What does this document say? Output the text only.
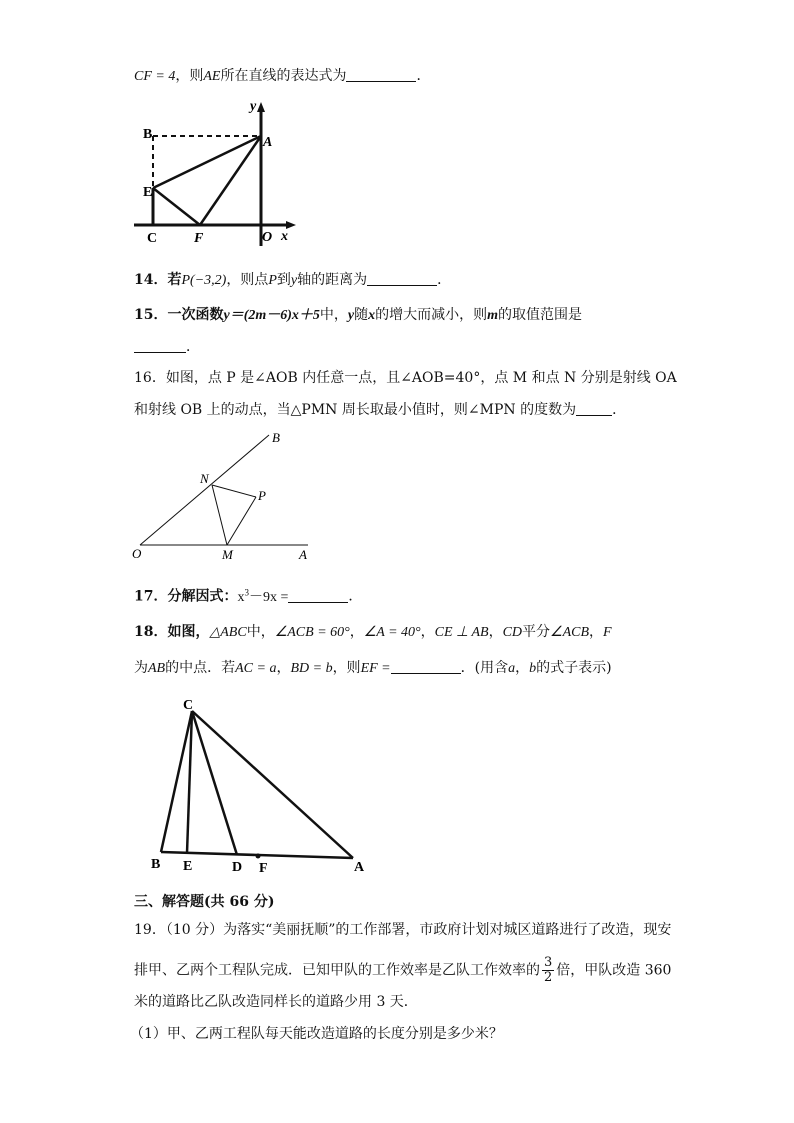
CF = 4，则AE所在直线的表达式为	．
B
A
y
E
C	F	O x
14．若P(−3,2)，则点P到y轴的距离为	．
15．一次函数y＝(2m－6)x＋5中，y随x的增大而减小，则m的取值范围是
．
16．如图，点 P 是∠AOB 内任意一点，且∠AOB=40°，点 M 和点 N 分别是射线 OA
和射线 OB 上的动点，当△PMN 周长取最小值时，则∠MPN 的度数为	．
B
N
P
O	M	A
17．分解因式：$x^3-9x$ =	．
18．如图，△ABC中，∠ACB = 60°，∠A = 40°，CE ⊥ AB，CD平分∠ACB，F
为AB的中点．若AC = a，BD = b，则EF =	．(用含a，b的式子表示)
C
B E	D F	A
三、解答题(共 66 分)
19．（10 分）为落实“美丽抚顺”的工作部署，市政府计划对城区道路进行了改造，现安
排甲、乙两个工程队完成．已知甲队的工作效率是乙队工作效率的 $\frac{3}{2}$ 倍，甲队改造 360
米的道路比乙队改造同样长的道路少用 3 天．
（1）甲、乙两工程队每天能改造道路的长度分别是多少米？
